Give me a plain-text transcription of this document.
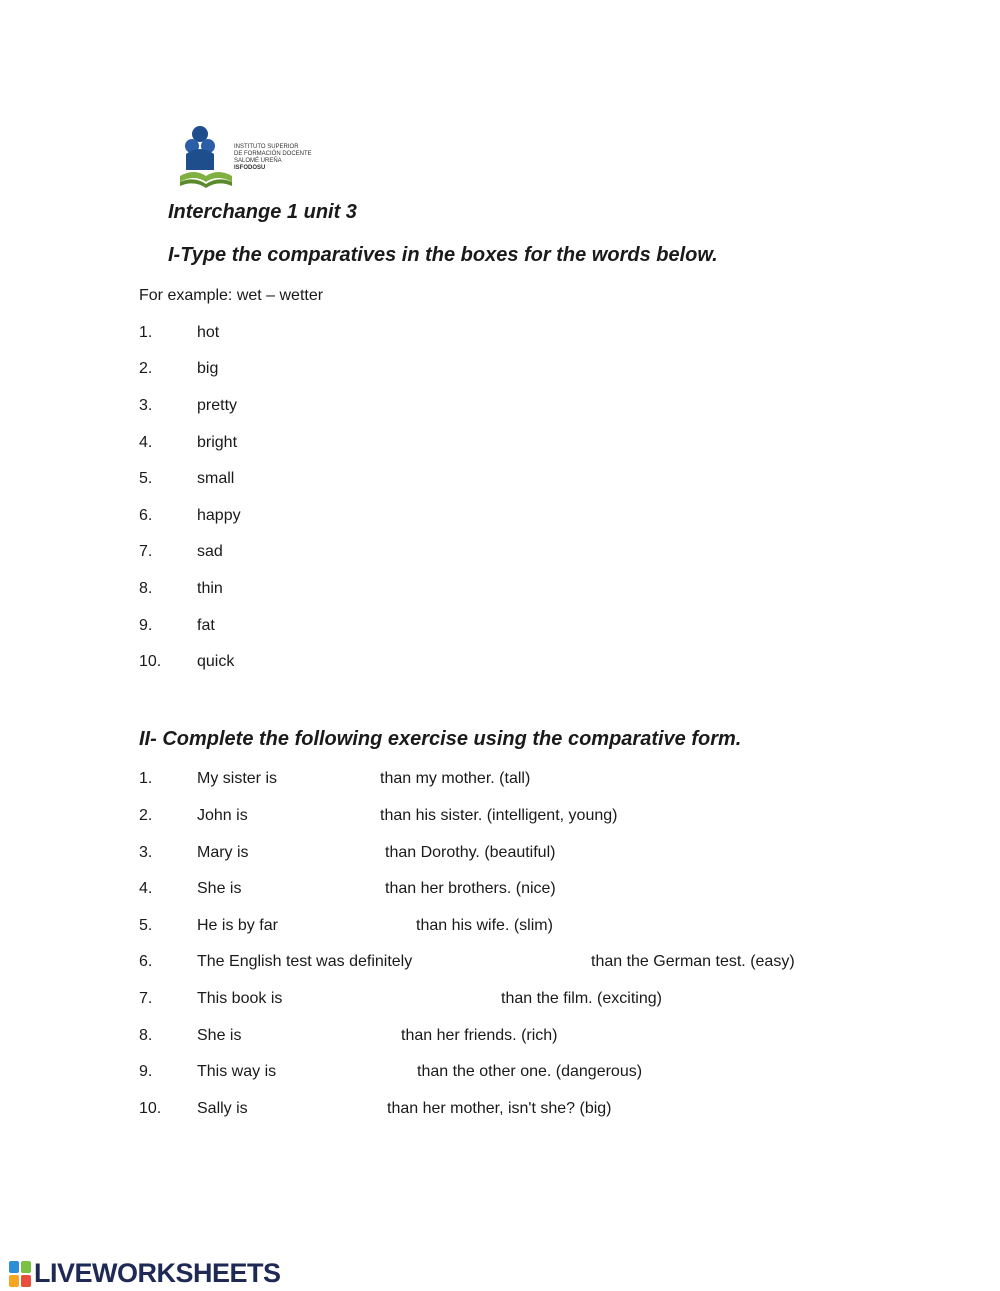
INSTITUTO SUPERIOR
DE FORMACIÓN DOCENTE
SALOMÉ UREÑA
ISFODOSU
Interchange 1 unit 3
I-Type the comparatives in the boxes for the words below.
For example: wet – wetter
1.	hot
2.	big
3.	pretty
4.	bright
5.	small
6.	happy
7.	sad
8.	thin
9.	fat
10. quick
II- Complete the following exercise using the comparative form.
1.	My sister is	than my mother. (tall)
2.	John is	than his sister. (intelligent, young)
3.	Mary is	than Dorothy. (beautiful)
4.	She is	than her brothers. (nice)
5.	He is by far	than his wife. (slim)
6.	The English test was definitely	than the German test. (easy)
7.	This book is	than the film. (exciting)
8.	She is	than her friends. (rich)
9.	This way is	than the other one. (dangerous)
10. Sally is	than her mother, isn't she? (big)
LIVEWORKSHEETS
